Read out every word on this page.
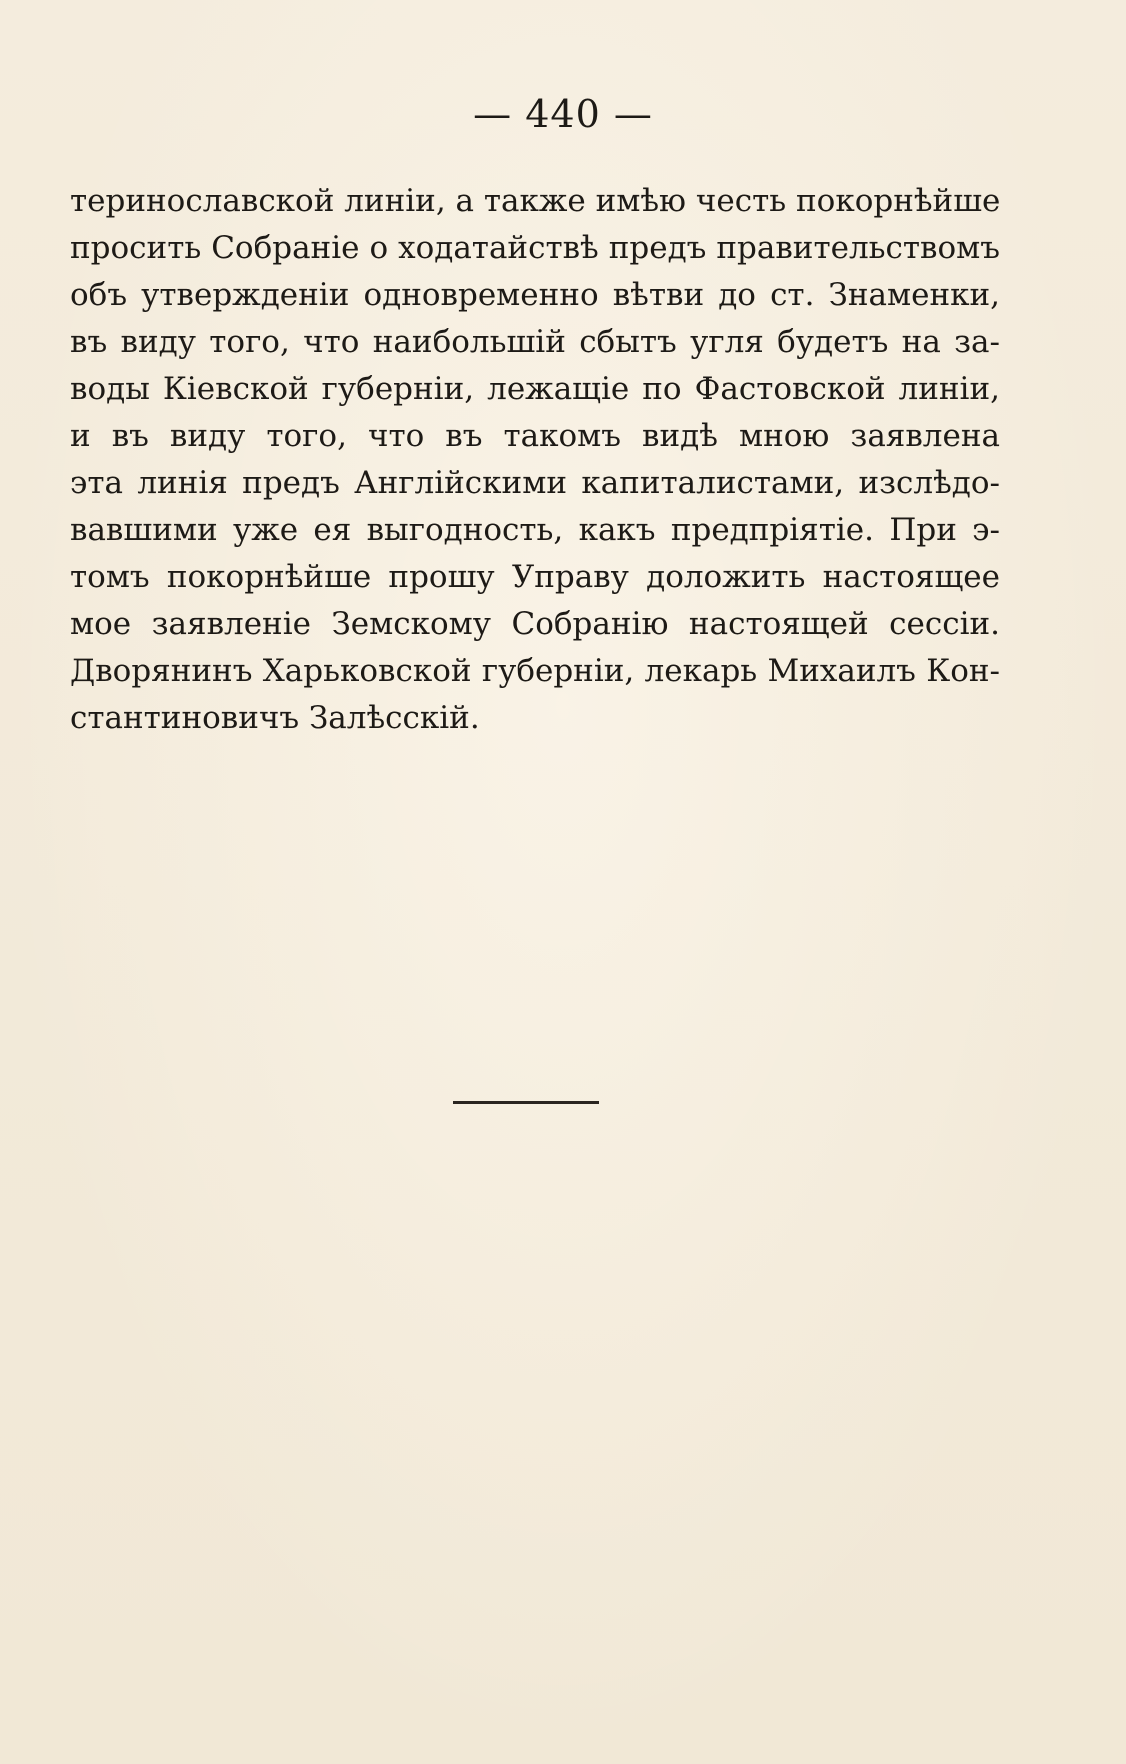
— 440 —
териноcлавской линіи, а также имѣю честь покорнѣйше
просить Собраніе о ходатайствѣ предъ правительствомъ
объ утвержденіи одновременно вѣтви до ст. Знаменки,
въ виду того, что наибольшій сбытъ угля будетъ на за-
воды Кіевской губерніи, лежащіе по Фастовской линіи,
и въ виду того, что въ такомъ видѣ мною заявлена
эта линія предъ Англійскими капиталистами, изслѣдо-
вавшими уже ея выгодность, какъ предпріятіе. При э-
томъ покорнѣйше прошу Управу доложить настоящее
мое заявленіе Земскому Собранію настоящей сессіи.
Дворянинъ Харьковской губерніи, лекарь Михаилъ Кон-
стантиновичъ Залѣсскій.
